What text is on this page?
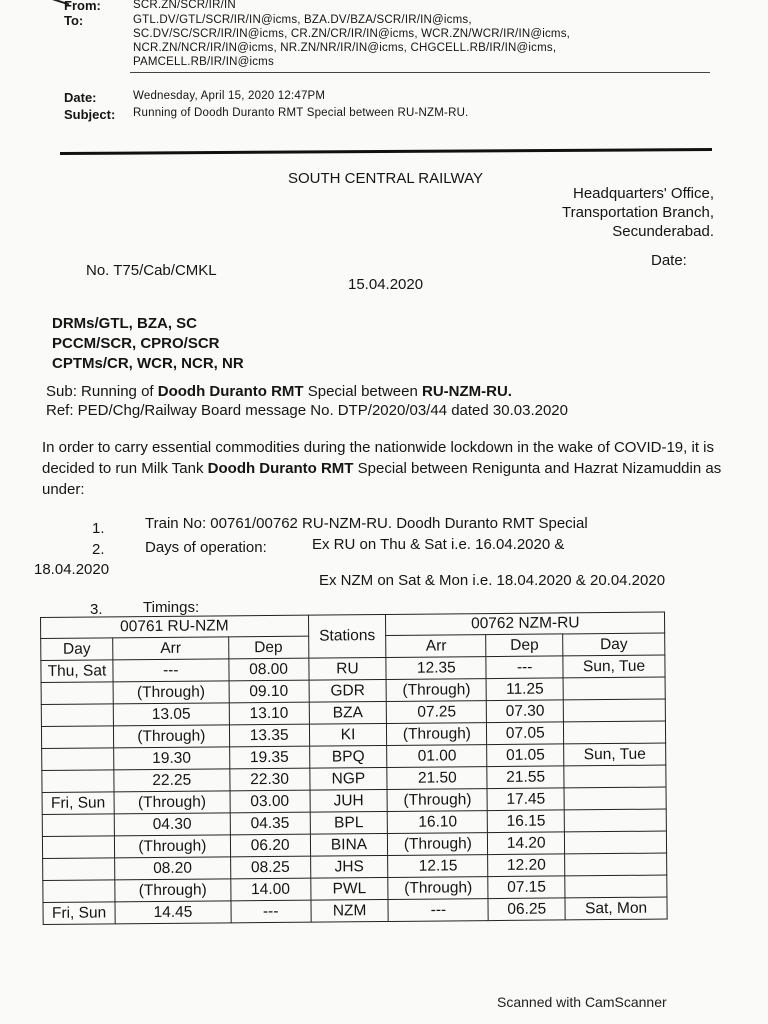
From:	SCR.ZN/SCR/IR/IN
To:	GTL.DV/GTL/SCR/IR/IN@icms, BZA.DV/BZA/SCR/IR/IN@icms,
SC.DV/SC/SCR/IR/IN@icms, CR.ZN/CR/IR/IN@icms, WCR.ZN/WCR/IR/IN@icms,
NCR.ZN/NCR/IR/IN@icms, NR.ZN/NR/IR/IN@icms, CHGCELL.RB/IR/IN@icms,
PAMCELL.RB/IR/IN@icms
Date:	Wednesday, April 15, 2020 12:47PM
Subject: Running of Doodh Duranto RMT Special between RU-NZM-RU.
SOUTH CENTRAL RAILWAY
Headquarters' Office,
Transportation Branch,
Secunderabad.
Date:
No. T75/Cab/CMKL
15.04.2020
DRMs/GTL, BZA, SC
PCCM/SCR, CPRO/SCR
CPTMs/CR, WCR, NCR, NR
Sub: Running of Doodh Duranto RMT Special between RU-NZM-RU.
Ref: PED/Chg/Railway Board message No. DTP/2020/03/44 dated 30.03.2020

In order to carry essential commodities during the nationwide lockdown in the wake of COVID-19, it is decided to run Milk Tank Doodh Duranto RMT Special between Renigunta and Hazrat Nizamuddin as under:

1.	Train No: 00761/00762 RU-NZM-RU. Doodh Duranto RMT Special
2.	Days of operation:	Ex RU on Thu & Sat i.e. 16.04.2020 &
18.04.2020
Ex NZM on Sat & Mon i.e. 18.04.2020 & 20.04.2020
3.	Timings:
00761 RU-NZM			Stations	00762 NZM-RU		
Day	Arr	Dep		Arr	Dep	Day
Thu, Sat	---	08.00	RU	12.35	---	Sun, Tue
	(Through)	09.10	GDR	(Through)	11.25	
	13.05	13.10	BZA	07.25	07.30	
	(Through)	13.35	KI	(Through)	07.05	
	19.30	19.35	BPQ	01.00	01.05	Sun, Tue
	22.25	22.30	NGP	21.50	21.55	
Fri, Sun	(Through)	03.00	JUH	(Through)	17.45	
	04.30	04.35	BPL	16.10	16.15	
	(Through)	06.20	BINA	(Through)	14.20	
	08.20	08.25	JHS	12.15	12.20	
	(Through)	14.00	PWL	(Through)	07.15	
Fri, Sun	14.45	---	NZM	---	06.25	Sat, Mon
Scanned with CamScanner
